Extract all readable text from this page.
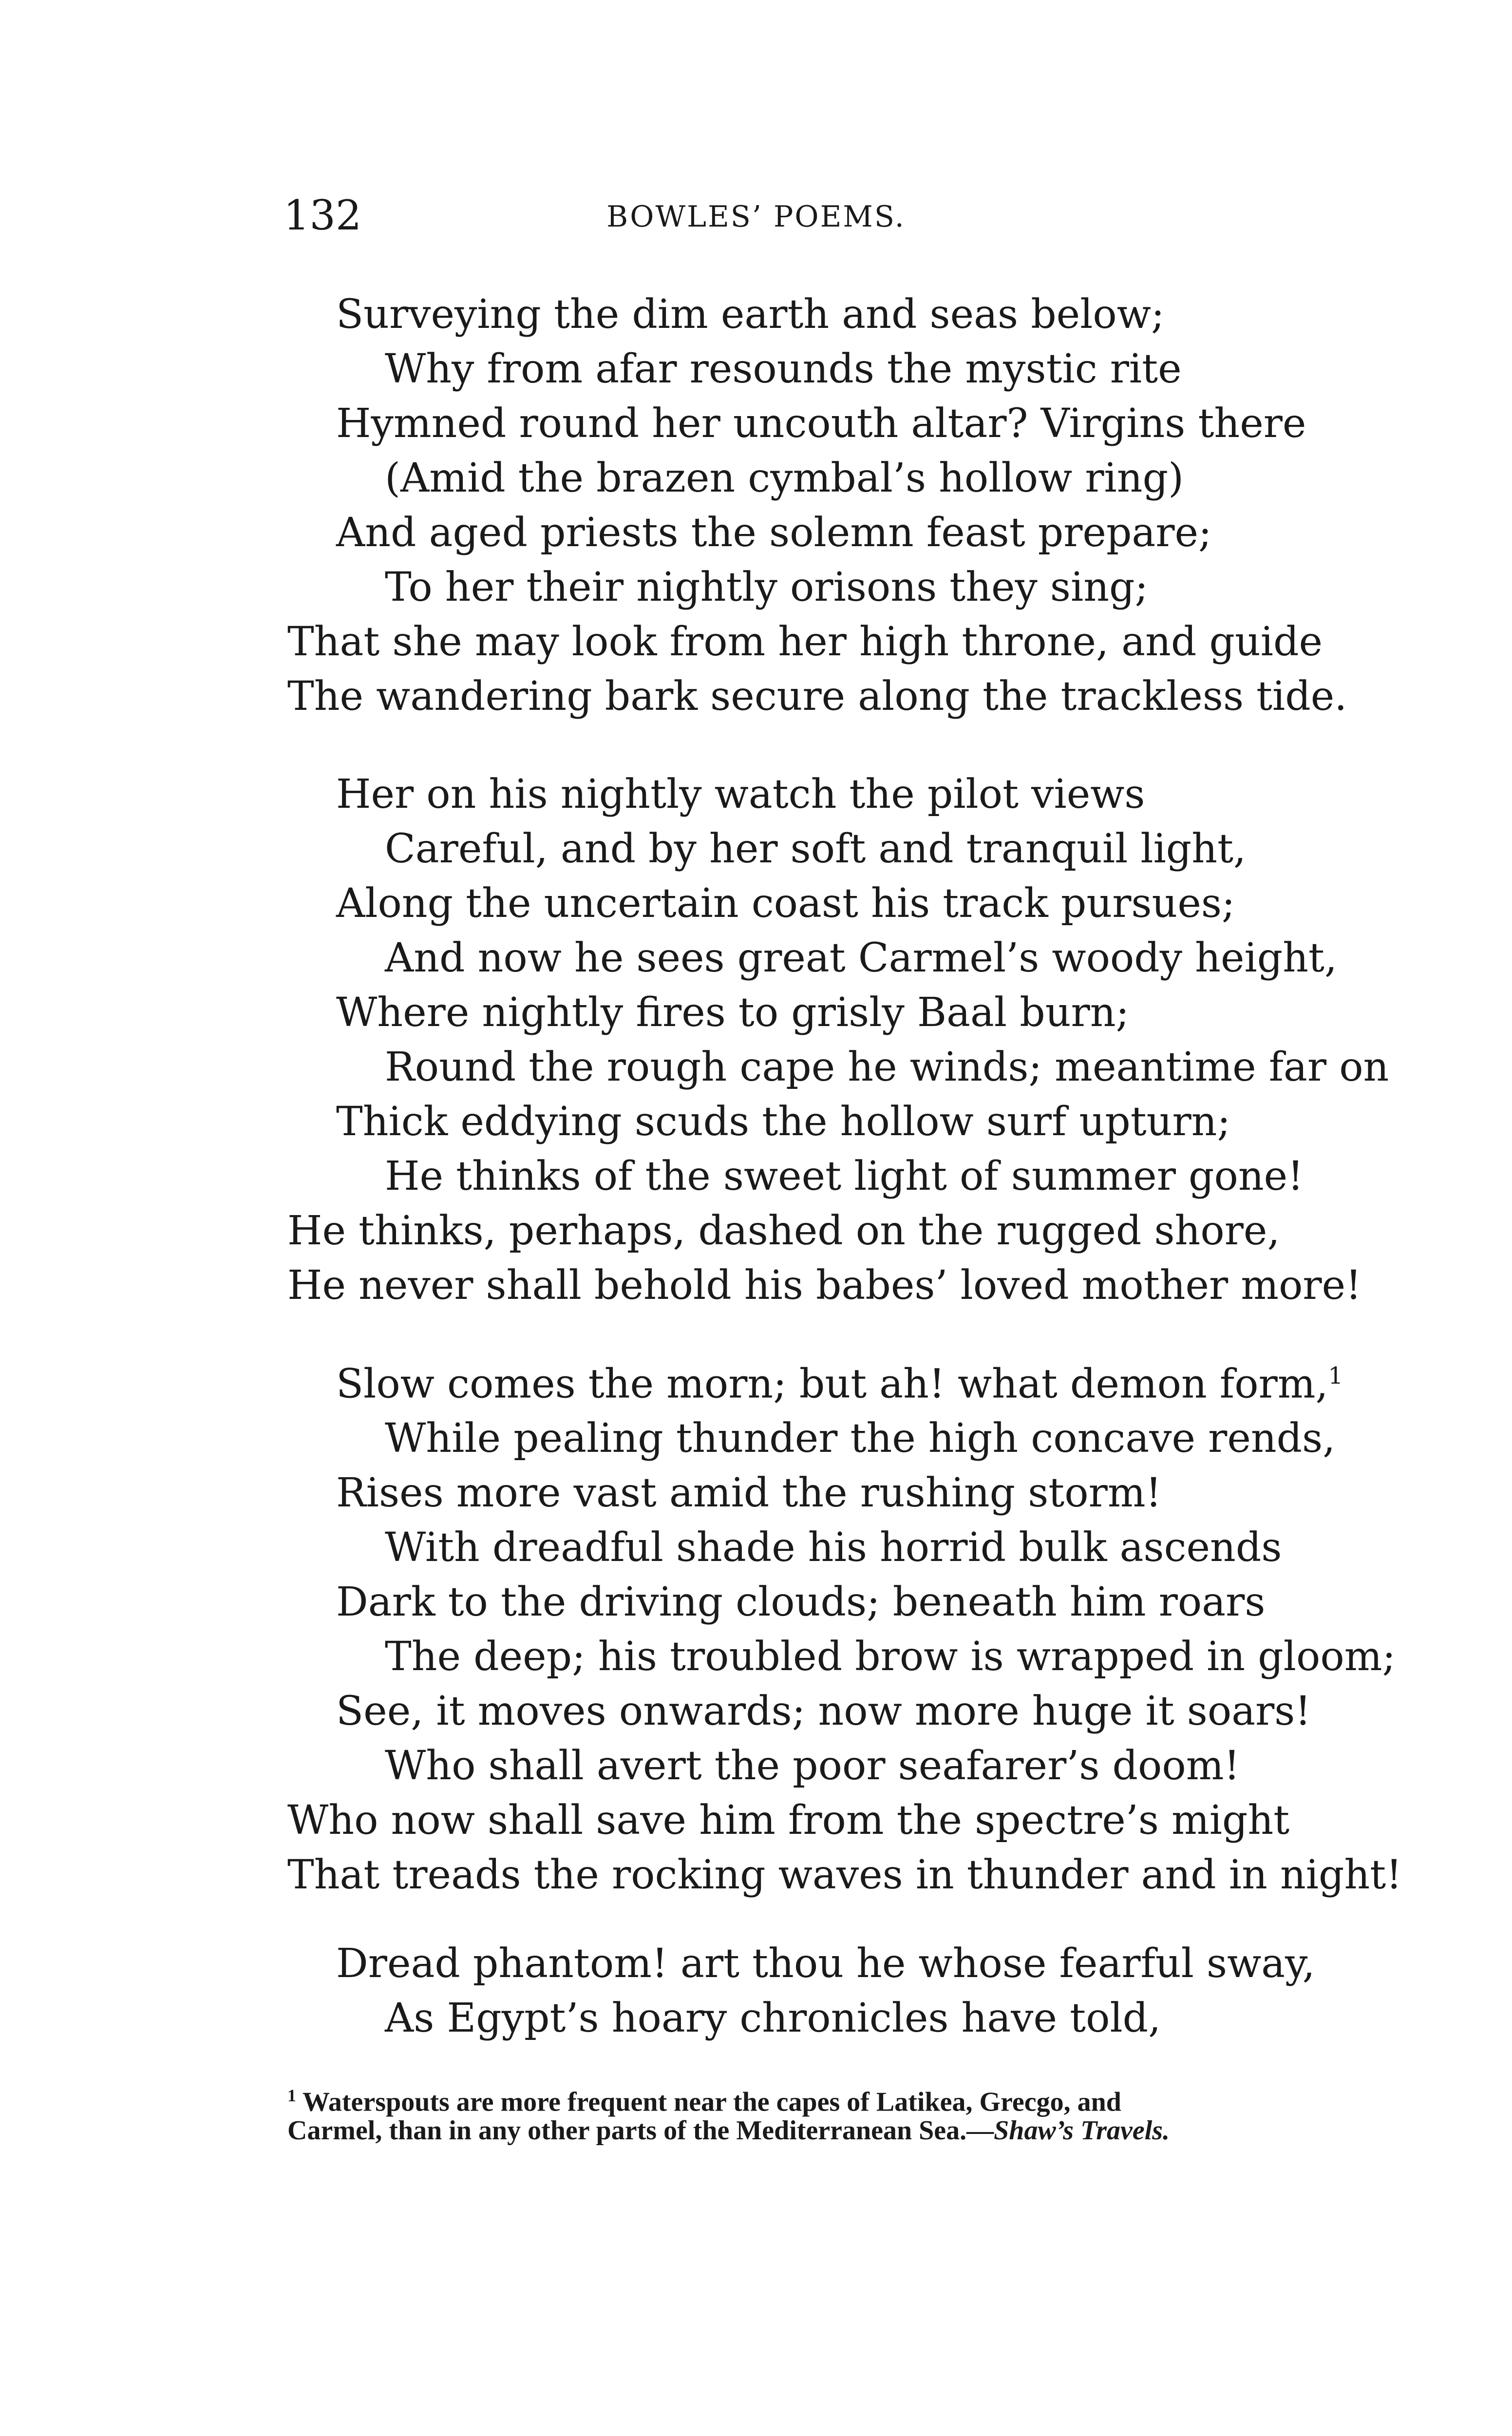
132	BOWLES’ POEMS.
Surveying the dim earth and seas below;
Why from afar resounds the mystic rite
Hymned round her uncouth altar? Virgins there
(Amid the brazen cymbal’s hollow ring)
And aged priests the solemn feast prepare;
To her their nightly orisons they sing;
That she may look from her high throne, and guide
The wandering bark secure along the trackless tide.
Her on his nightly watch the pilot views
Careful, and by her soft and tranquil light,
Along the uncertain coast his track pursues;
And now he sees great Carmel’s woody height,
Where nightly fires to grisly Baal burn;
Round the rough cape he winds; meantime far on
Thick eddying scuds the hollow surf upturn;
He thinks of the sweet light of summer gone!
He thinks, perhaps, dashed on the rugged shore,
He never shall behold his babes’ loved mother more!
Slow comes the morn; but ah! what demon form,$^1$
While pealing thunder the high concave rends,
Rises more vast amid the rushing storm!
With dreadful shade his horrid bulk ascends
Dark to the driving clouds; beneath him roars
The deep; his troubled brow is wrapped in gloom;
See, it moves onwards; now more huge it soars!
Who shall avert the poor seafarer’s doom!
Who now shall save him from the spectre’s might
That treads the rocking waves in thunder and in night!
Dread phantom! art thou he whose fearful sway,
As Egypt’s hoary chronicles have told,
$^1$ Waterspouts are more frequent near the capes of Latikea, Grecgo, and
Carmel, than in any other parts of the Mediterranean Sea.—Shaw’s Travels.
